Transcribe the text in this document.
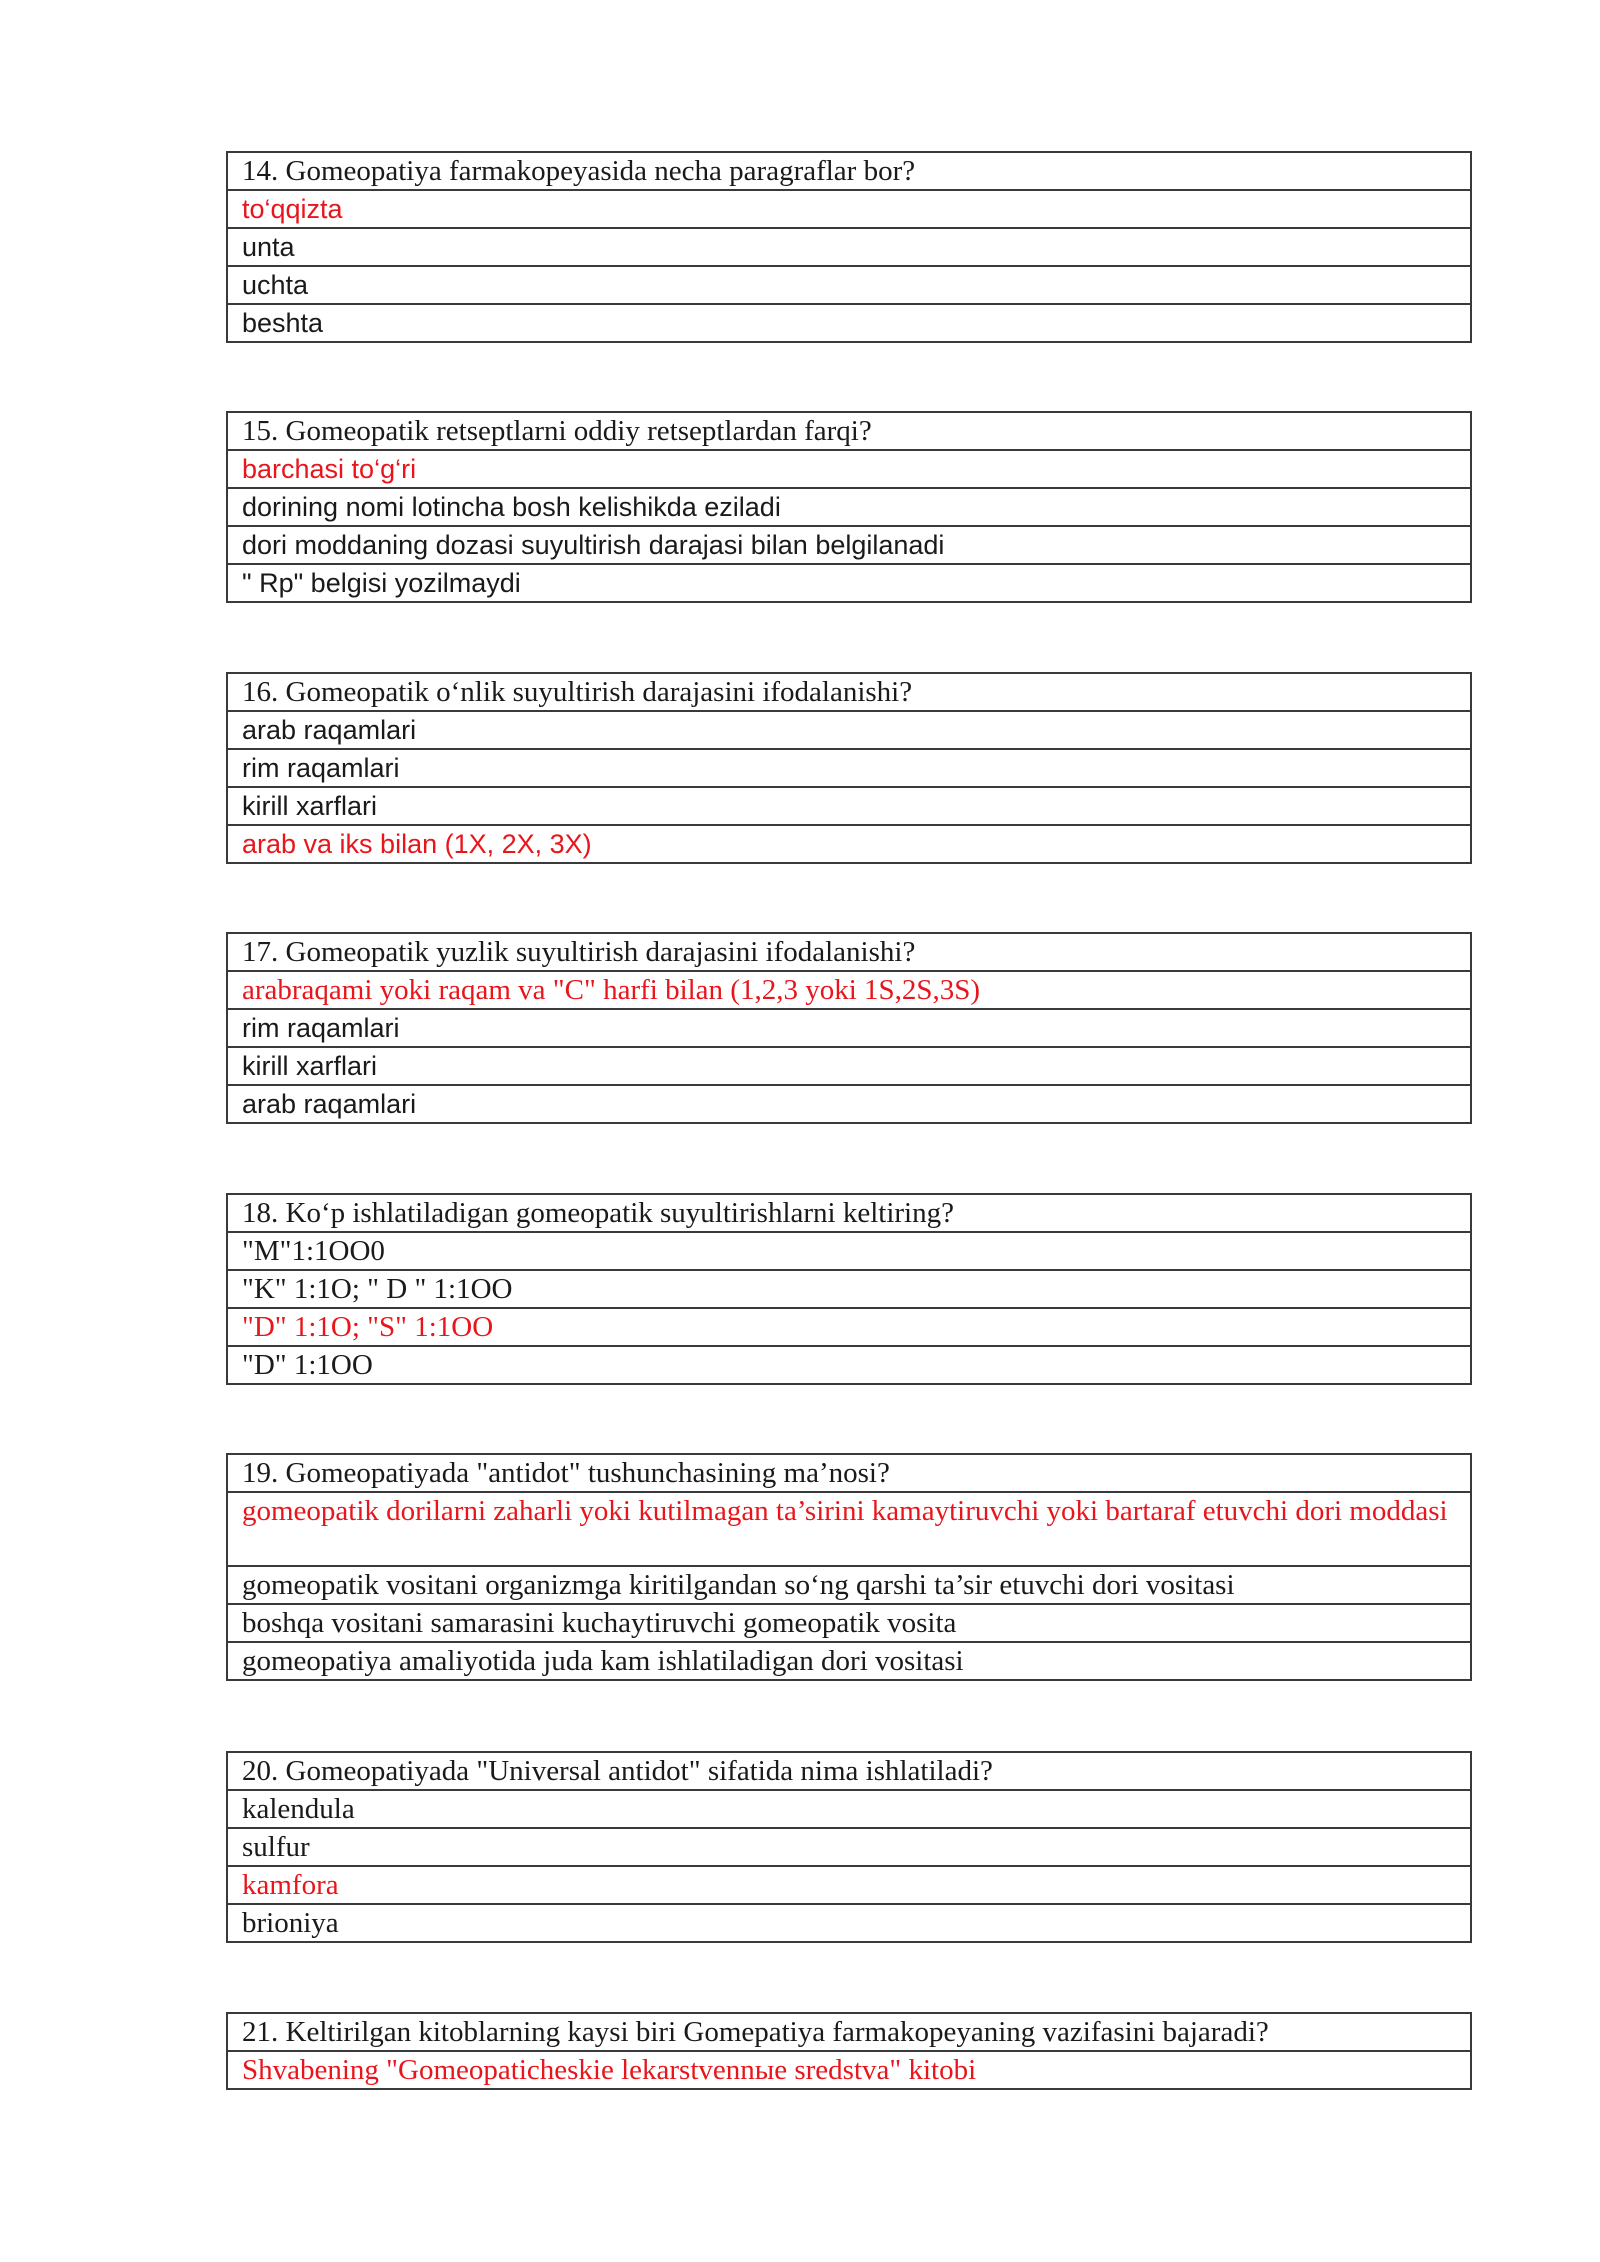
14. Gomeopatiya farmakopeyasida necha paragraflar bor?
to‘qqizta
unta
uchta
beshta
15. Gomeopatik retseptlarni oddiy retseptlardan farqi?
barchasi to‘g‘ri
dorining nomi lotincha bosh kelishikda eziladi
dori moddaning dozasi suyultirish darajasi bilan belgilanadi
" Rp" belgisi yozilmaydi
16. Gomeopatik o‘nlik suyultirish darajasini ifodalanishi?
arab raqamlari
rim raqamlari
kirill xarflari
arab va iks bilan (1X, 2X, 3X)
17. Gomeopatik yuzlik suyultirish darajasini ifodalanishi?
arabraqami yoki raqam va "C" harfi bilan (1,2,3 yoki 1S,2S,3S)
rim raqamlari
kirill xarflari
arab raqamlari
18. Ko‘p ishlatiladigan gomeopatik suyultirishlarni keltiring?
"M"1:1OO0
"K" 1:1O; " D " 1:1OO
"D" 1:1O; "S" 1:1OO
"D" 1:1OO
19. Gomeopatiyada "antidot" tushunchasining ma’nosi?
gomeopatik dorilarni zaharli yoki kutilmagan ta’sirini kamaytiruvchi yoki bartaraf etuvchi dori moddasi
gomeopatik vositani organizmga kiritilgandan so‘ng qarshi ta’sir etuvchi dori vositasi
boshqa vositani samarasini kuchaytiruvchi gomeopatik vosita
gomeopatiya amaliyotida juda kam ishlatiladigan dori vositasi
20. Gomeopatiyada "Universal antidot" sifatida nima ishlatiladi?
kalendula
sulfur
kamfora
brioniya
21. Keltirilgan kitoblarning kaysi biri Gomepatiya farmakopeyaning vazifasini bajaradi?
Shvabening "Gomeopaticheskie lekarstvennыe sredstva" kitobi
